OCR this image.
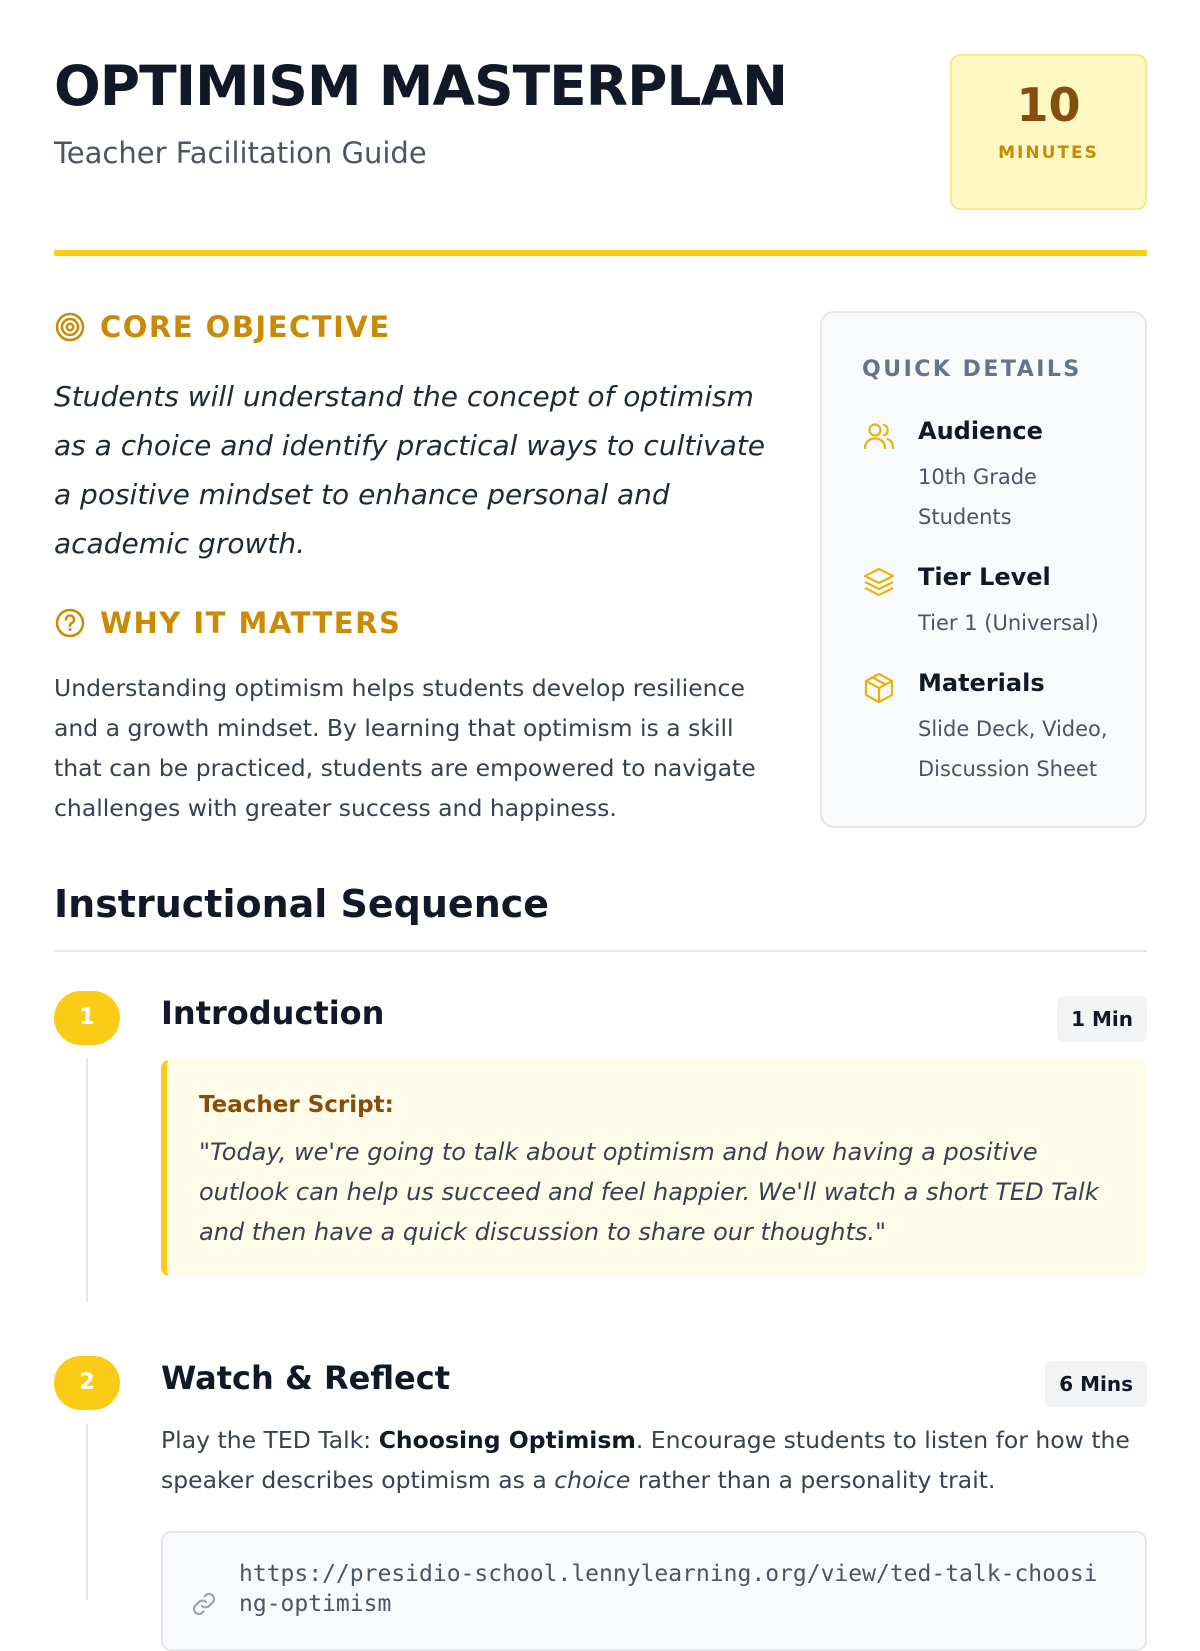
OPTIMISM MASTERPLAN
Teacher Facilitation Guide
10
MINUTES
CORE OBJECTIVE
Students will understand the concept of optimism as a choice and identify practical ways to cultivate a positive mindset to enhance personal and academic growth.
WHY IT MATTERS
Understanding optimism helps students develop resilience and a growth mindset. By learning that optimism is a skill that can be practiced, students are empowered to navigate challenges with greater success and happiness.
QUICK DETAILS
Audience
10th Grade Students
Tier Level
Tier 1 (Universal)
Materials
Slide Deck, Video, Discussion Sheet
Instructional Sequence
1	Introduction	1 Min
Teacher Script:
"Today, we're going to talk about optimism and how having a positive outlook can help us succeed and feel happier. We'll watch a short TED Talk and then have a quick discussion to share our thoughts."
2	Watch & Reflect	6 Mins
Play the TED Talk: Choosing Optimism. Encourage students to listen for how the speaker describes optimism as a choice rather than a personality trait.
https://presidio-school.lennylearning.org/view/ted-talk-choosing-optimism
